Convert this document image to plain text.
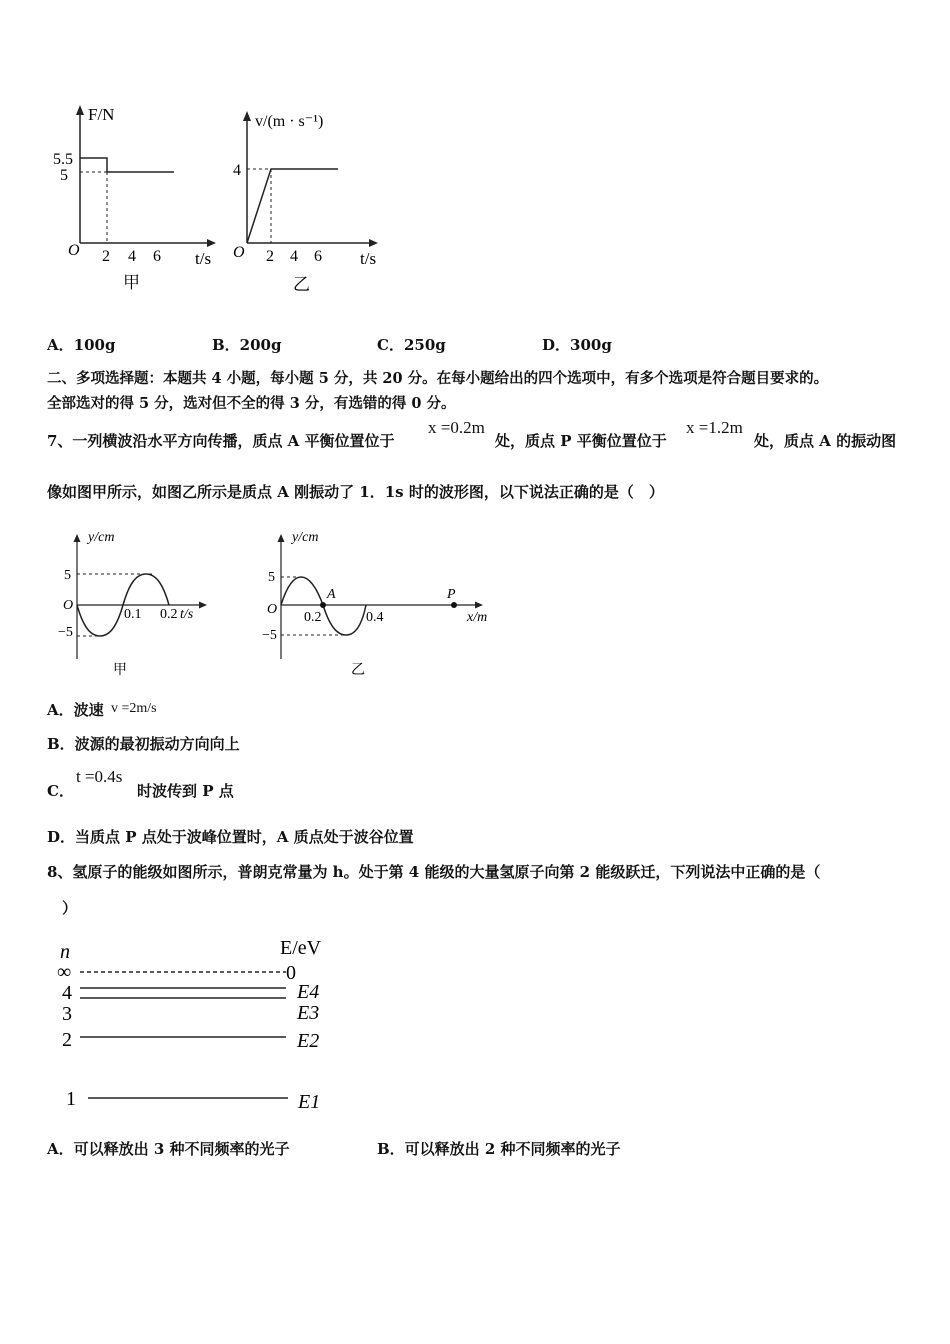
F/N
5.5
5
O 2 4 6 t/s
甲
v/(m · s⁻¹)
4
O 2 4 6 t/s
乙
A．100g	B．200g	C．250g	D．300g
二、多项选择题：本题共 4 小题，每小题 5 分，共 20 分。在每小题给出的四个选项中，有多个选项是符合题目要求的。
全部选对的得 5 分，选对但不全的得 3 分，有选错的得 0 分。
7、一列横波沿水平方向传播，质点 A 平衡位置位于
x =0.2m
处，质点 P 平衡位置位于
x =1.2m
处，质点 A 的振动图
像如图甲所示，如图乙所示是质点 A 刚振动了 1．1s 时的波形图，以下说法正确的是（　）
y/cm
5
−5
O
0.1 0.2 t/s
甲
y/cm
5
−5
O
A	P
0.2	0.4	x/m
乙
A．波速 v =2m/s
B．波源的最初振动方向向上
C．
t =0.4s
时波传到 P 点
D．当质点 P 点处于波峰位置时，A 质点处于波谷位置
8、氢原子的能级如图所示，普朗克常量为 h。处于第 4 能级的大量氢原子向第 2 能级跃迁，下列说法中正确的是（
）
n	E/eV
∞	0
4	E4
3	E3
2	E2
1	E1
A．可以释放出 3 种不同频率的光子	B．可以释放出 2 种不同频率的光子
